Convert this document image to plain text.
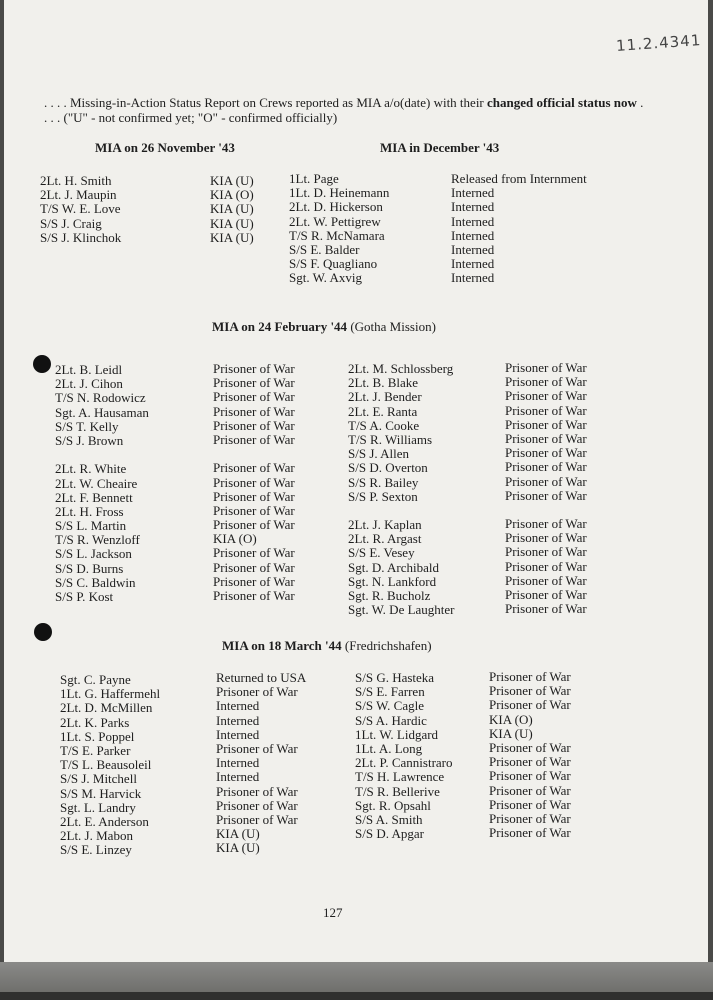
11.2.4341
. . . . Missing-in-Action Status Report on Crews reported as MIA a/o(date) with their changed official status now . . . . ("U" - not confirmed yet; "O" - confirmed officially)
MIA on 26 November '43	MIA in December '43
MIA on 24 February '44 (Gotha Mission)
MIA on 18 March '44 (Fredrichshafen)
2Lt. H. Smith
2Lt. J. Maupin
T/S W. E. Love
S/S J. Craig
S/S J. Klinchok
KIA (U)
KIA (O)
KIA (U)
KIA (U)
KIA (U)
1Lt. Page
1Lt. D. Heinemann
2Lt. D. Hickerson
2Lt. W. Pettigrew
T/S R. McNamara
S/S E. Balder
S/S F. Quagliano
Sgt. W. Axvig
Released from Internment
Interned
Interned
Interned
Interned
Interned
Interned
Interned
2Lt. B. Leidl
2Lt. J. Cihon
T/S N. Rodowicz
Sgt. A. Hausaman
S/S T. Kelly
S/S J. Brown
2Lt. R. White
2Lt. W. Cheaire
2Lt. F. Bennett
2Lt. H. Fross
S/S L. Martin
T/S R. Wenzloff
S/S L. Jackson
S/S D. Burns
S/S C. Baldwin
S/S P. Kost
Prisoner of War
Prisoner of War
Prisoner of War
Prisoner of War
Prisoner of War
Prisoner of War
Prisoner of War
Prisoner of War
Prisoner of War
Prisoner of War
Prisoner of War
KIA (O)
Prisoner of War
Prisoner of War
Prisoner of War
Prisoner of War
2Lt. M. Schlossberg
2Lt. B. Blake
2Lt. J. Bender
2Lt. E. Ranta
T/S A. Cooke
T/S R. Williams
S/S J. Allen
S/S D. Overton
S/S R. Bailey
S/S P. Sexton
2Lt. J. Kaplan
2Lt. R. Argast
S/S E. Vesey
Sgt. D. Archibald
Sgt. N. Lankford
Sgt. R. Bucholz
Sgt. W. De Laughter
Prisoner of War
Prisoner of War
Prisoner of War
Prisoner of War
Prisoner of War
Prisoner of War
Prisoner of War
Prisoner of War
Prisoner of War
Prisoner of War
Prisoner of War
Prisoner of War
Prisoner of War
Prisoner of War
Prisoner of War
Prisoner of War
Prisoner of War
Sgt. C. Payne
1Lt. G. Haffermehl
2Lt. D. McMillen
2Lt. K. Parks
1Lt. S. Poppel
T/S E. Parker
T/S L. Beausoleil
S/S J. Mitchell
S/S M. Harvick
Sgt. L. Landry
2Lt. E. Anderson
2Lt. J. Mabon
S/S E. Linzey
Returned to USA
Prisoner of War
Interned
Interned
Interned
Prisoner of War
Interned
Interned
Prisoner of War
Prisoner of War
Prisoner of War
KIA (U)
KIA (U)
S/S G. Hasteka
S/S E. Farren
S/S W. Cagle
S/S A. Hardic
1Lt. W. Lidgard
1Lt. A. Long
2Lt. P. Cannistraro
T/S H. Lawrence
T/S R. Bellerive
Sgt. R. Opsahl
S/S A. Smith
S/S D. Apgar
Prisoner of War
Prisoner of War
Prisoner of War
KIA (O)
KIA (U)
Prisoner of War
Prisoner of War
Prisoner of War
Prisoner of War
Prisoner of War
Prisoner of War
Prisoner of War
127
